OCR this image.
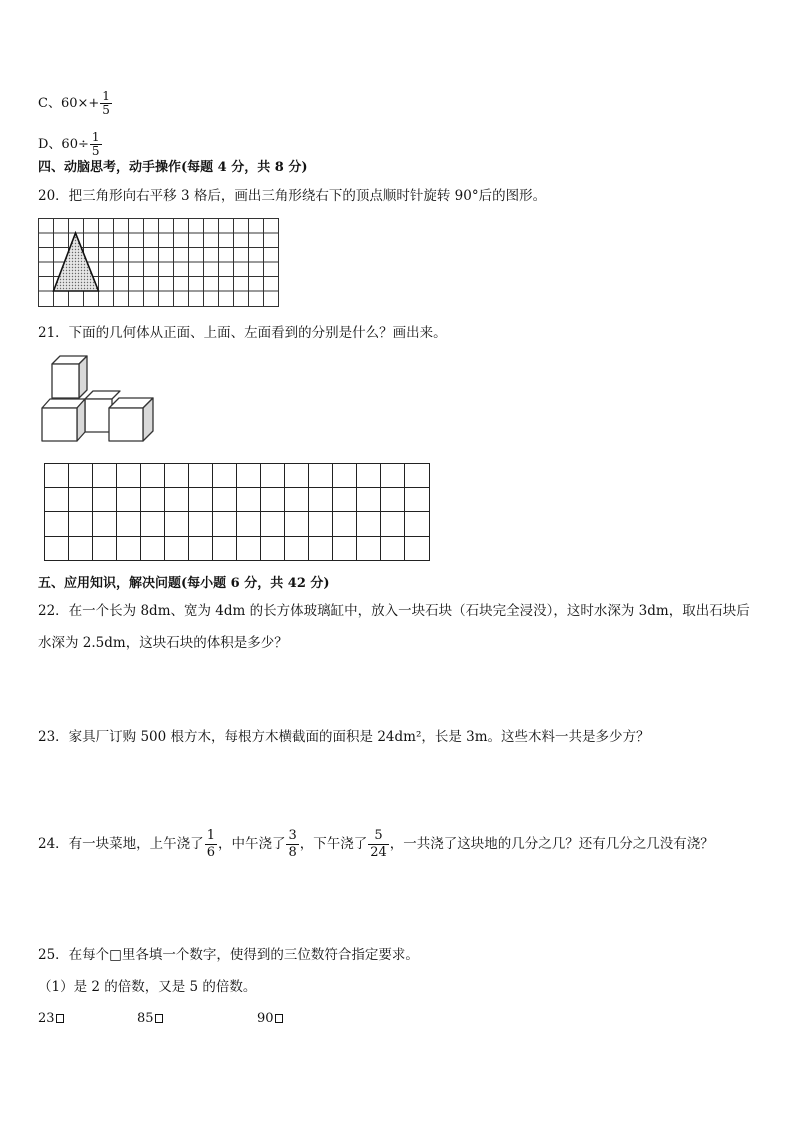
C、$60\times+ \frac{1}{5}$
D、$60\div \frac{1}{5}$
四、动脑思考，动手操作(每题 4 分，共 8 分)
20．把三角形向右平移 3 格后，画出三角形绕右下的顶点顺时针旋转 90°后的图形。
21．下面的几何体从正面、上面、左面看到的分别是什么？画出来。
五、应用知识，解决问题(每小题 6 分，共 42 分)
22．在一个长为 8dm、宽为 4dm 的长方体玻璃缸中，放入一块石块（石块完全浸没），这时水深为 3dm，取出石块后
水深为 2.5dm，这块石块的体积是多少？
23．家具厂订购 500 根方木，每根方木横截面的面积是 24dm²，长是 3m。这些木料一共是多少方？
24．有一块菜地，上午浇了 $\frac{1}{6}$ ，中午浇了 $\frac{3}{8}$ ，下午浇了 $\frac{5}{24}$ ，一共浇了这块地的几分之几？还有几分之几没有浇？
25．在每个□里各填一个数字，使得到的三位数符合指定要求。
（1）是 2 的倍数，又是 5 的倍数。
23	85	90
